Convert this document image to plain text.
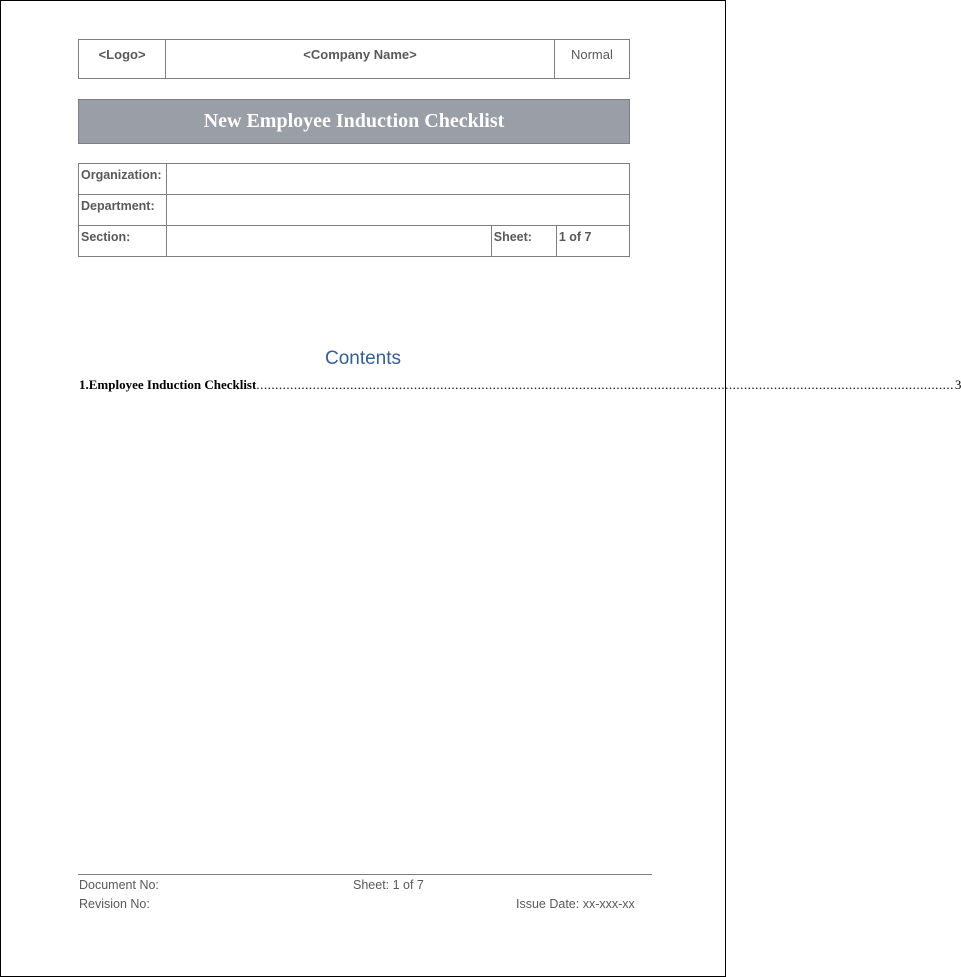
<Logo>	<Company Name>	Normal
New Employee Induction Checklist
Organization:			
Department:			
Section:		Sheet:	1 of 7
Contents
1. Employee Induction Checklist .......................................................................................................................................................................................... 3
Document No:	Sheet: 1 of 7
Revision No:	Issue Date: xx-xxx-xx
